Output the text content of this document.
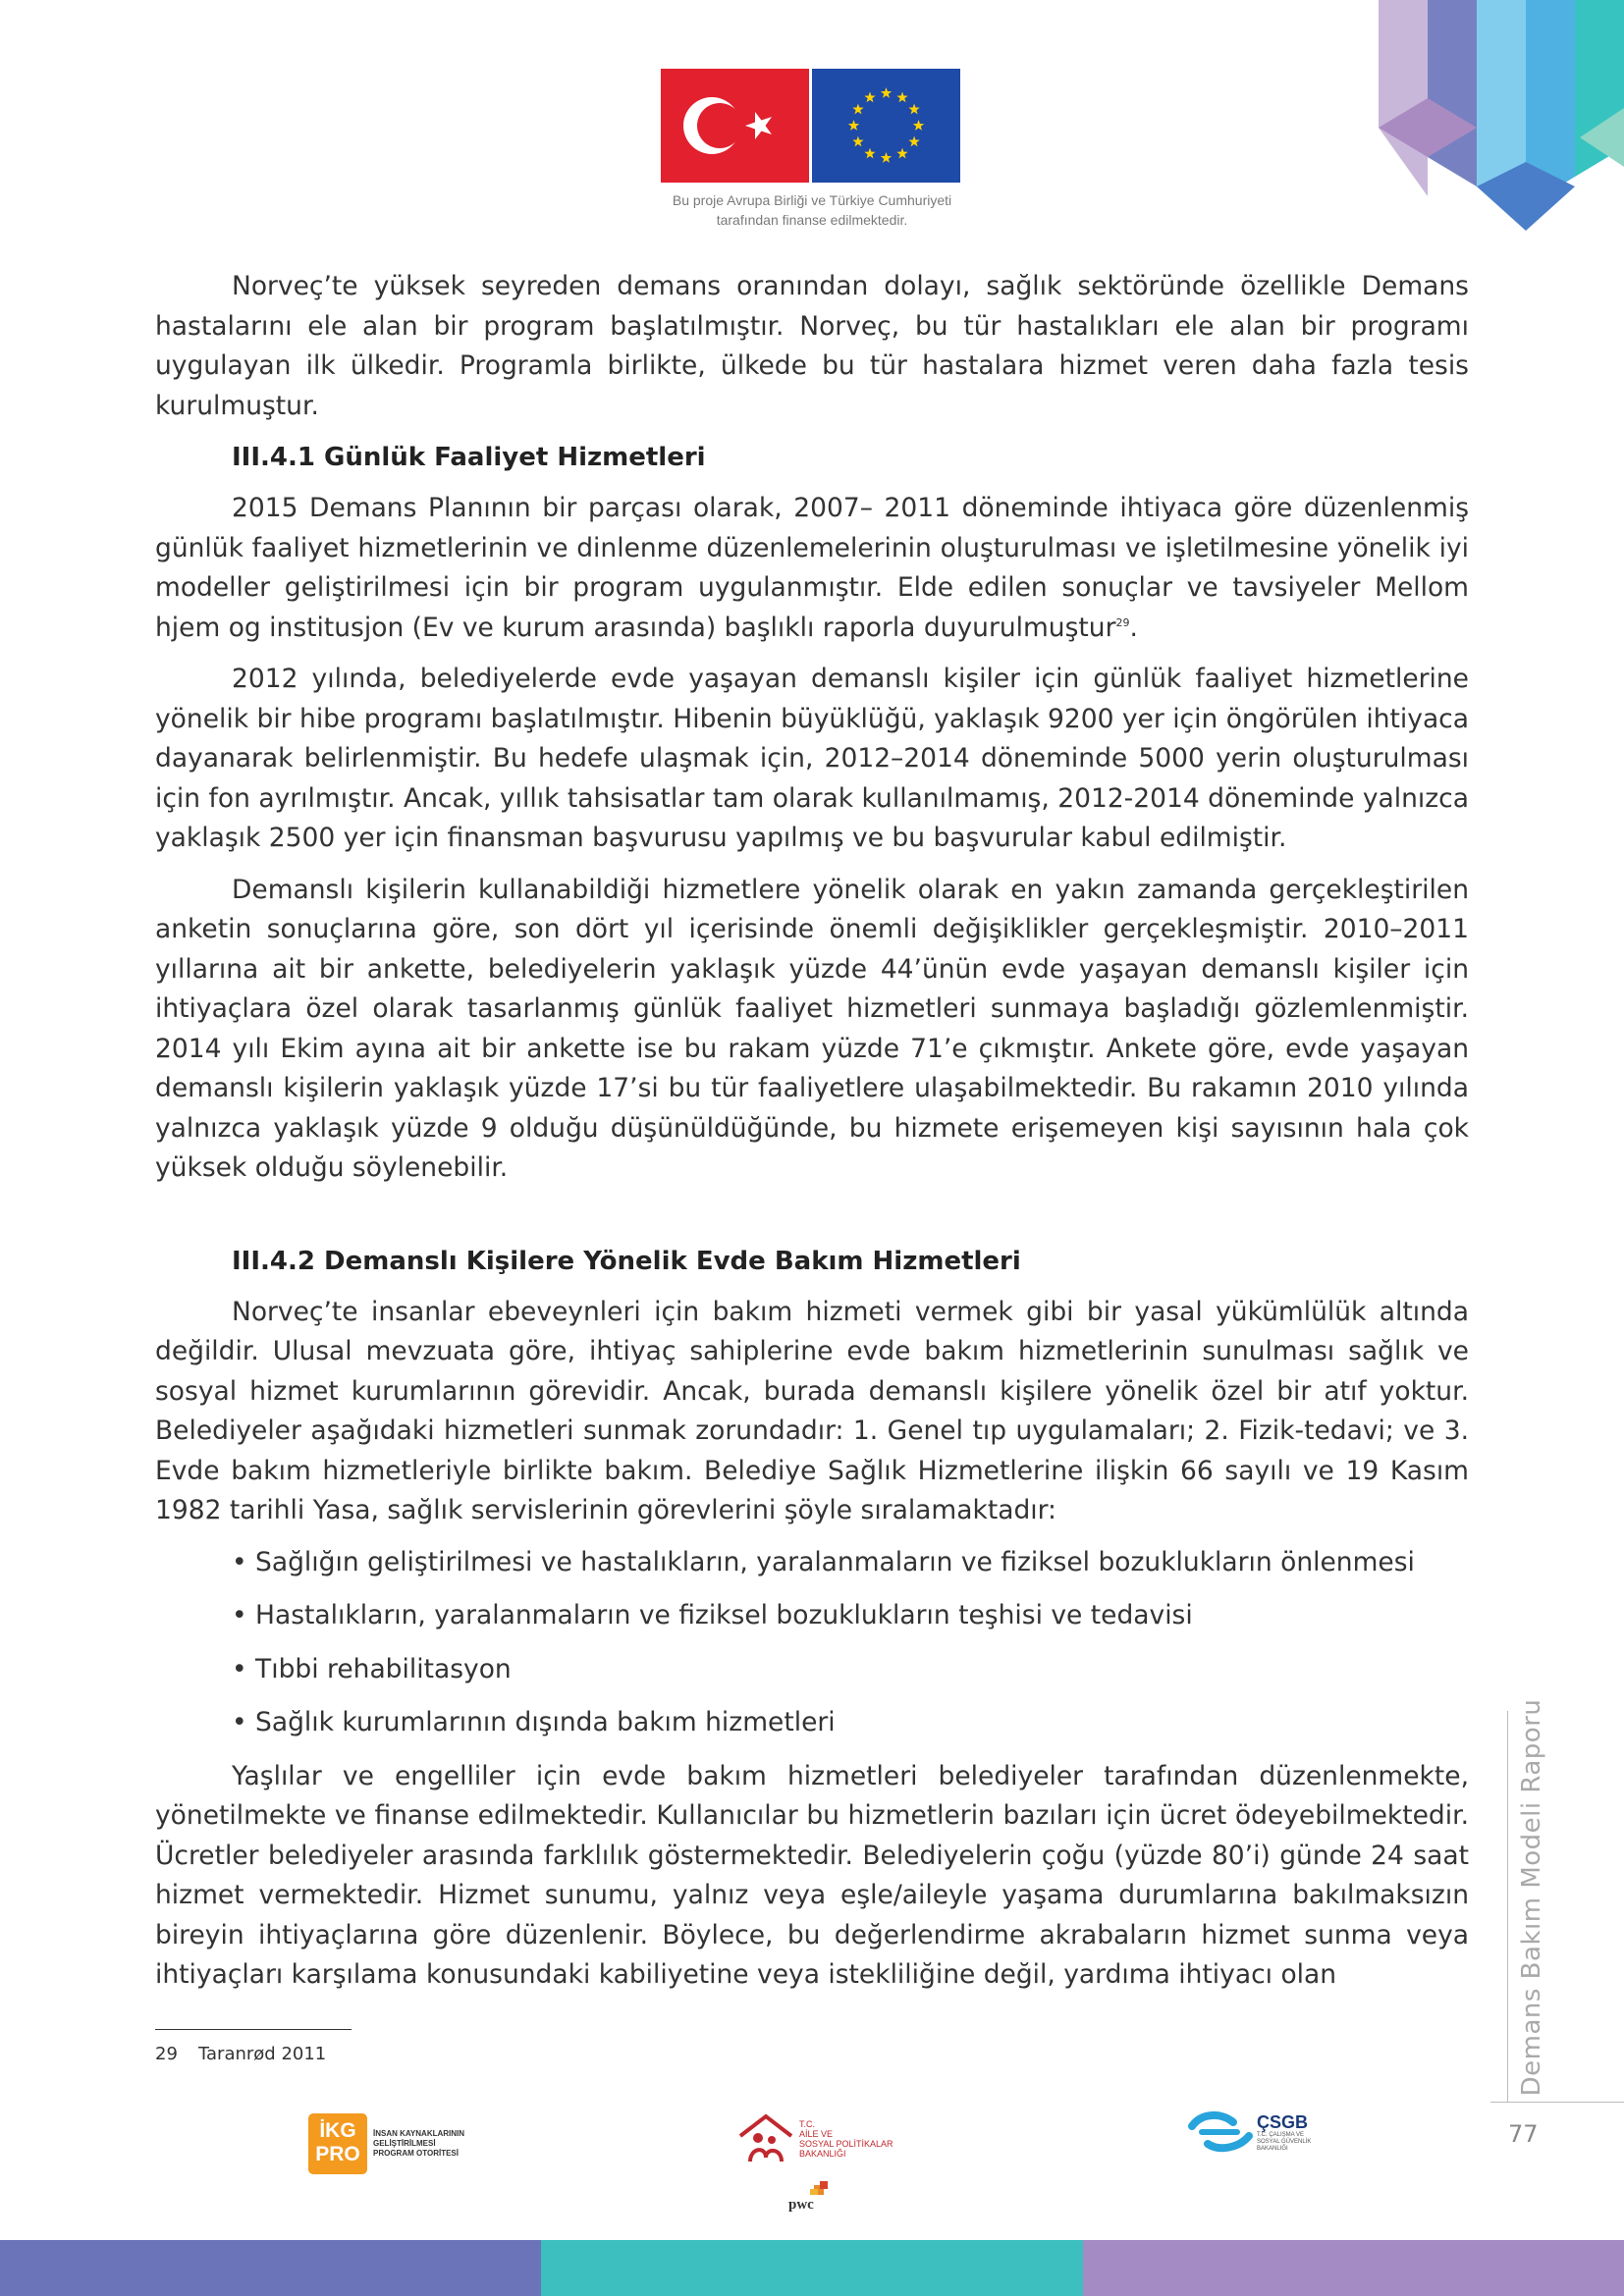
Bu proje Avrupa Birliği ve Türkiye Cumhuriyeti
tarafından finanse edilmektedir.

Norveç’te yüksek seyreden demans oranından dolayı, sağlık sektöründe özellikle Demans hastalarını ele alan bir program başlatılmıştır. Norveç, bu tür hastalıkları ele alan bir programı uygulayan ilk ülkedir. Programla birlikte, ülkede bu tür hastalara hizmet veren daha fazla tesis kurulmuştur.

III.4.1 Günlük Faaliyet Hizmetleri

2015 Demans Planının bir parçası olarak, 2007– 2011 döneminde ihtiyaca göre düzenlenmiş günlük faaliyet hizmetlerinin ve dinlenme düzenlemelerinin oluşturulması ve işletilmesine yönelik iyi modeller geliştirilmesi için bir program uygulanmıştır. Elde edilen sonuçlar ve tavsiyeler Mellom hjem og institusjon (Ev ve kurum arasında) başlıklı raporla duyurulmuştur$^{29}$.

2012 yılında, belediyelerde evde yaşayan demanslı kişiler için günlük faaliyet hizmetlerine yönelik bir hibe programı başlatılmıştır. Hibenin büyüklüğü, yaklaşık 9200 yer için öngörülen ihtiyaca dayanarak belirlenmiştir. Bu hedefe ulaşmak için, 2012–2014 döneminde 5000 yerin oluşturulması için fon ayrılmıştır. Ancak, yıllık tahsisatlar tam olarak kullanılmamış, 2012-2014 döneminde yalnızca yaklaşık 2500 yer için finansman başvurusu yapılmış ve bu başvurular kabul edilmiştir.

Demanslı kişilerin kullanabildiği hizmetlere yönelik olarak en yakın zamanda gerçekleştirilen anketin sonuçlarına göre, son dört yıl içerisinde önemli değişiklikler gerçekleşmiştir. 2010–2011 yıllarına ait bir ankette, belediyelerin yaklaşık yüzde 44’ünün evde yaşayan demanslı kişiler için ihtiyaçlara özel olarak tasarlanmış günlük faaliyet hizmetleri sunmaya başladığı gözlemlenmiştir. 2014 yılı Ekim ayına ait bir ankette ise bu rakam yüzde 71’e çıkmıştır. Ankete göre, evde yaşayan demanslı kişilerin yaklaşık yüzde 17’si bu tür faaliyetlere ulaşabilmektedir. Bu rakamın 2010 yılında yalnızca yaklaşık yüzde 9 olduğu düşünüldüğünde, bu hizmete erişemeyen kişi sayısının hala çok yüksek olduğu söylenebilir.

III.4.2 Demanslı Kişilere Yönelik Evde Bakım Hizmetleri

Norveç’te insanlar ebeveynleri için bakım hizmeti vermek gibi bir yasal yükümlülük altında değildir. Ulusal mevzuata göre, ihtiyaç sahiplerine evde bakım hizmetlerinin sunulması sağlık ve sosyal hizmet kurumlarının görevidir. Ancak, burada demanslı kişilere yönelik özel bir atıf yoktur. Belediyeler aşağıdaki hizmetleri sunmak zorundadır: 1. Genel tıp uygulamaları; 2. Fizik-tedavi; ve 3. Evde bakım hizmetleriyle birlikte bakım. Belediye Sağlık Hizmetlerine ilişkin 66 sayılı ve 19 Kasım 1982 tarihli Yasa, sağlık servislerinin görevlerini şöyle sıralamaktadır:

• Sağlığın geliştirilmesi ve hastalıkların, yaralanmaların ve fiziksel bozuklukların önlenmesi
• Hastalıkların, yaralanmaların ve fiziksel bozuklukların teşhisi ve tedavisi
• Tıbbi rehabilitasyon
• Sağlık kurumlarının dışında bakım hizmetleri

Yaşlılar ve engelliler için evde bakım hizmetleri belediyeler tarafından düzenlenmekte, yönetilmekte ve finanse edilmektedir. Kullanıcılar bu hizmetlerin bazıları için ücret ödeyebilmektedir. Ücretler belediyeler arasında farklılık göstermektedir. Belediyelerin çoğu (yüzde 80’i) günde 24 saat hizmet vermektedir. Hizmet sunumu, yalnız veya eşle/aileyle yaşama durumlarına bakılmaksızın bireyin ihtiyaçlarına göre düzenlenir. Böylece, bu değerlendirme akrabaların hizmet sunma veya ihtiyaçları karşılama konusundaki kabiliyetine veya istekliliğine değil, yardıma ihtiyacı olan

29 Taranrød 2011	Demans Bakım Modeli Raporu
77
İKG
PRO
İNSAN KAYNAKLARININ
GELİŞTİRİLMESİ
PROGRAM OTORİTESİ
T.C.
AİLE VE
SOSYAL POLİTİKALAR
BAKANLIĞI
pwc
ÇSGB
T.C. ÇALIŞMA VE
SOSYAL GÜVENLİK
BAKANLIĞI
